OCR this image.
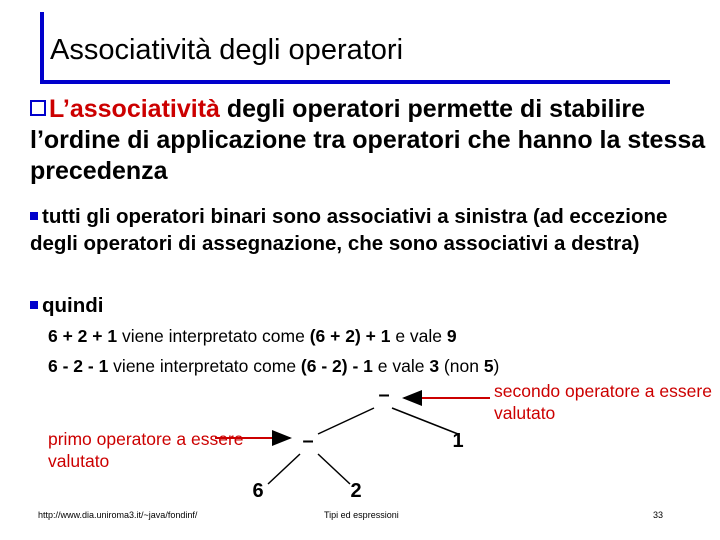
Associatività degli operatori
L’associatività degli operatori permette di stabilire l’ordine di applicazione tra operatori che hanno la stessa precedenza
tutti gli operatori binari sono associativi a sinistra (ad eccezione degli operatori di assegnazione, che sono associativi a destra)
quindi
6 + 2 + 1 viene interpretato come (6 + 2) + 1 e vale 9
6 - 2 - 1 viene interpretato come (6 - 2) - 1 e vale 3 (non 5)
secondo operatore a essere valutato
primo operatore a essere valutato
–
–	1
6	2
http://www.dia.uniroma3.it/~java/fondinf/	Tipi ed espressioni	33
